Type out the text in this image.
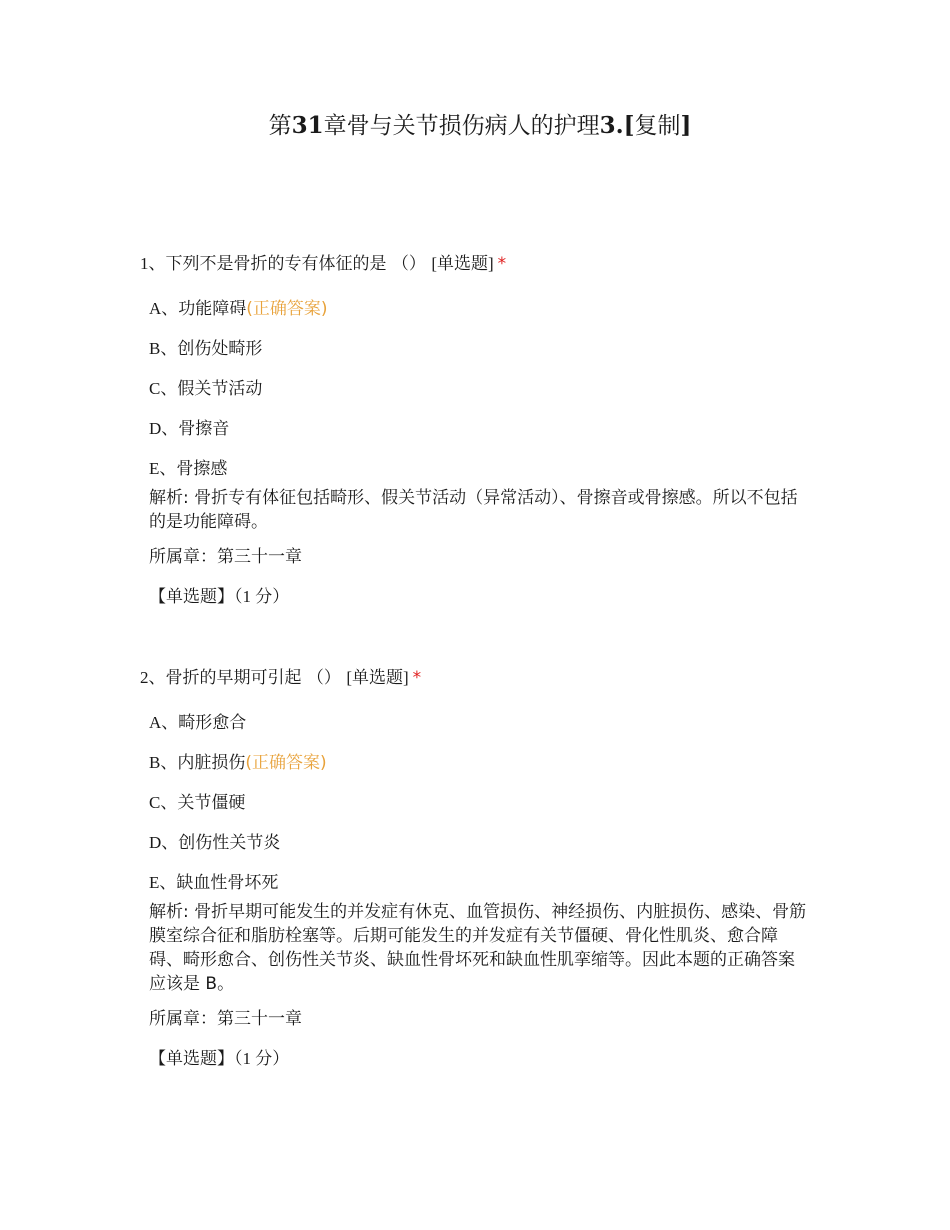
第31章骨与关节损伤病人的护理3.[复制]
1、下列不是骨折的专有体征的是 （） [单选题] *
A、功能障碍(正确答案)
B、创伤处畸形
C、假关节活动
D、骨擦音
E、骨擦感
解析: 骨折专有体征包括畸形、假关节活动（异常活动）、骨擦音或骨擦感。所以不包括的是功能障碍。
所属章：第三十一章
【单选题】（1 分）
2、骨折的早期可引起 （） [单选题] *
A、畸形愈合
B、内脏损伤(正确答案)
C、关节僵硬
D、创伤性关节炎
E、缺血性骨坏死
解析: 骨折早期可能发生的并发症有休克、血管损伤、神经损伤、内脏损伤、感染、骨筋膜室综合征和脂肪栓塞等。后期可能发生的并发症有关节僵硬、骨化性肌炎、愈合障碍、畸形愈合、创伤性关节炎、缺血性骨坏死和缺血性肌挛缩等。因此本题的正确答案应该是 B。
所属章：第三十一章
【单选题】（1 分）
